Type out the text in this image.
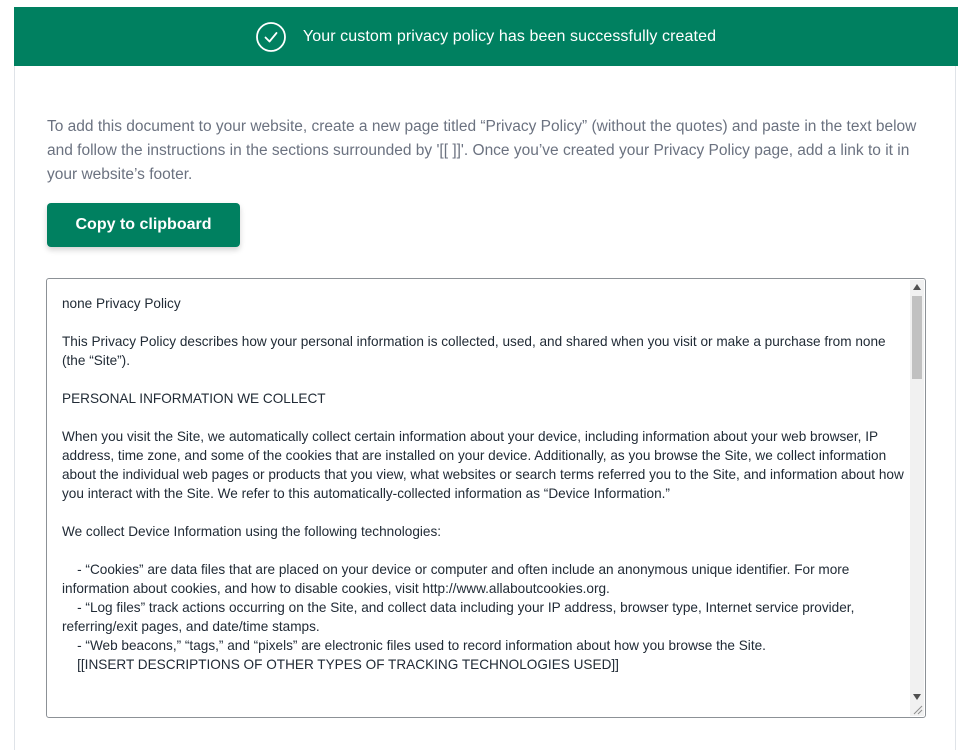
Your custom privacy policy has been successfully created

To add this document to your website, create a new page titled “Privacy Policy” (without the quotes) and paste in the text below and follow the instructions in the sections surrounded by '[[ ]]'. Once you’ve created your Privacy Policy page, add a link to it in your website’s footer.

Copy to clipboard

none Privacy Policy

This Privacy Policy describes how your personal information is collected, used, and shared when you visit or make a purchase from none (the “Site”).

PERSONAL INFORMATION WE COLLECT

When you visit the Site, we automatically collect certain information about your device, including information about your web browser, IP address, time zone, and some of the cookies that are installed on your device. Additionally, as you browse the Site, we collect information about the individual web pages or products that you view, what websites or search terms referred you to the Site, and information about how you interact with the Site. We refer to this automatically-collected information as “Device Information.”

We collect Device Information using the following technologies:

- “Cookies” are data files that are placed on your device or computer and often include an anonymous unique identifier. For more information about cookies, and how to disable cookies, visit http://www.allaboutcookies.org.
- “Log files” track actions occurring on the Site, and collect data including your IP address, browser type, Internet service provider, referring/exit pages, and date/time stamps.
- “Web beacons,” “tags,” and “pixels” are electronic files used to record information about how you browse the Site.
[[INSERT DESCRIPTIONS OF OTHER TYPES OF TRACKING TECHNOLOGIES USED]]
